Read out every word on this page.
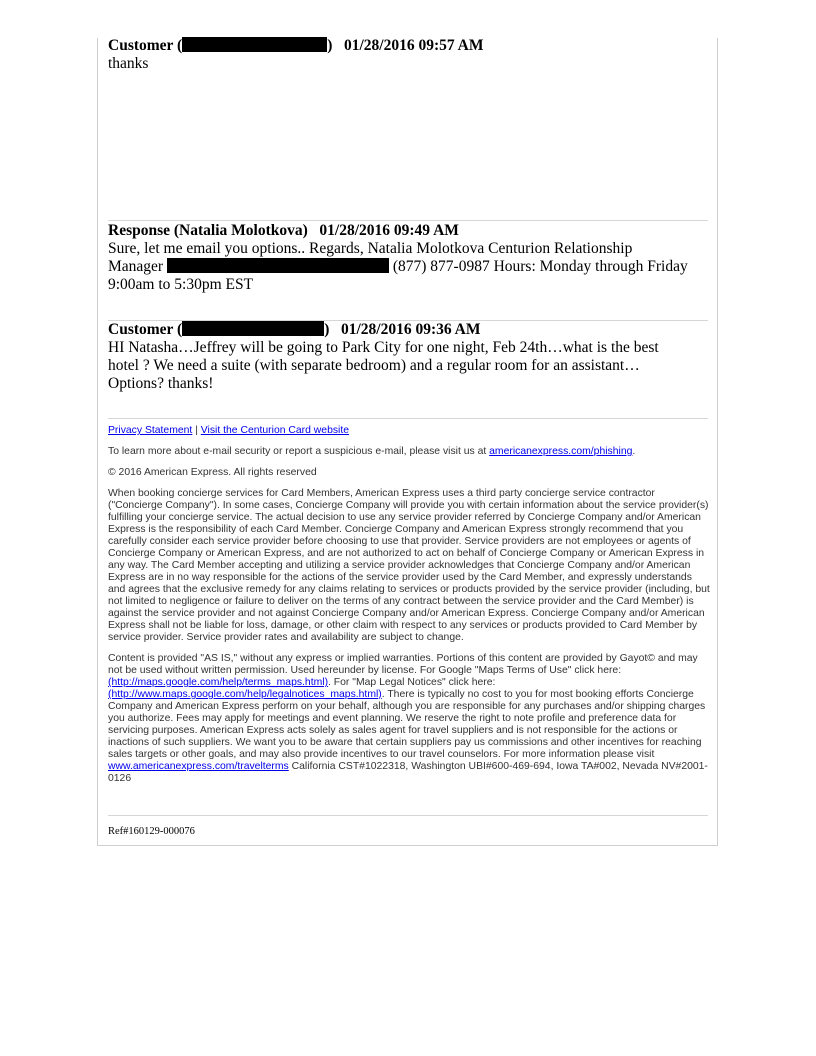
Customer (	) 01/28/2016 09:57 AM
thanks
Response (Natalia Molotkova) 01/28/2016 09:49 AM
Sure, let me email you options.. Regards, Natalia Molotkova Centurion Relationship
Manager	(877) 877-0987 Hours: Monday through Friday
9:00am to 5:30pm EST
Customer (	) 01/28/2016 09:36 AM
HI Natasha…Jeffrey will be going to Park City for one night, Feb 24th…what is the best hotel ? We need a suite (with separate bedroom) and a regular room for an assistant… Options? thanks!

Privacy Statement | Visit the Centurion Card website

To learn more about e-mail security or report a suspicious e-mail, please visit us at americanexpress.com/phishing.

© 2016 American Express. All rights reserved

When booking concierge services for Card Members, American Express uses a third party concierge service contractor ("Concierge Company"). In some cases, Concierge Company will provide you with certain information about the service provider(s) fulfilling your concierge service. The actual decision to use any service provider referred by Concierge Company and/or American Express is the responsibility of each Card Member. Concierge Company and American Express strongly recommend that you carefully consider each service provider before choosing to use that provider. Service providers are not employees or agents of Concierge Company or American Express, and are not authorized to act on behalf of Concierge Company or American Express in any way. The Card Member accepting and utilizing a service provider acknowledges that Concierge Company and/or American Express are in no way responsible for the actions of the service provider used by the Card Member, and expressly understands and agrees that the exclusive remedy for any claims relating to services or products provided by the service provider (including, but not limited to negligence or failure to deliver on the terms of any contract between the service provider and the Card Member) is against the service provider and not against Concierge Company and/or American Express. Concierge Company and/or American Express shall not be liable for loss, damage, or other claim with respect to any services or products provided to Card Member by service provider. Service provider rates and availability are subject to change.

Content is provided "AS IS," without any express or implied warranties. Portions of this content are provided by Gayot© and may not be used without written permission. Used hereunder by license. For Google "Maps Terms of Use" click here: (http://maps.google.com/help/terms_maps.html). For "Map Legal Notices" click here: (http://www.maps.google.com/help/legalnotices_maps.html). There is typically no cost to you for most booking efforts Concierge Company and American Express perform on your behalf, although you are responsible for any purchases and/or shipping charges you authorize. Fees may apply for meetings and event planning. We reserve the right to note profile and preference data for servicing purposes. American Express acts solely as sales agent for travel suppliers and is not responsible for the actions or inactions of such suppliers. We want you to be aware that certain suppliers pay us commissions and other incentives for reaching sales targets or other goals, and may also provide incentives to our travel counselors. For more information please visit www.americanexpress.com/travelterms California CST#1022318, Washington UBI#600-469-694, Iowa TA#002, Nevada NV#2001-0126

Ref#160129-000076
